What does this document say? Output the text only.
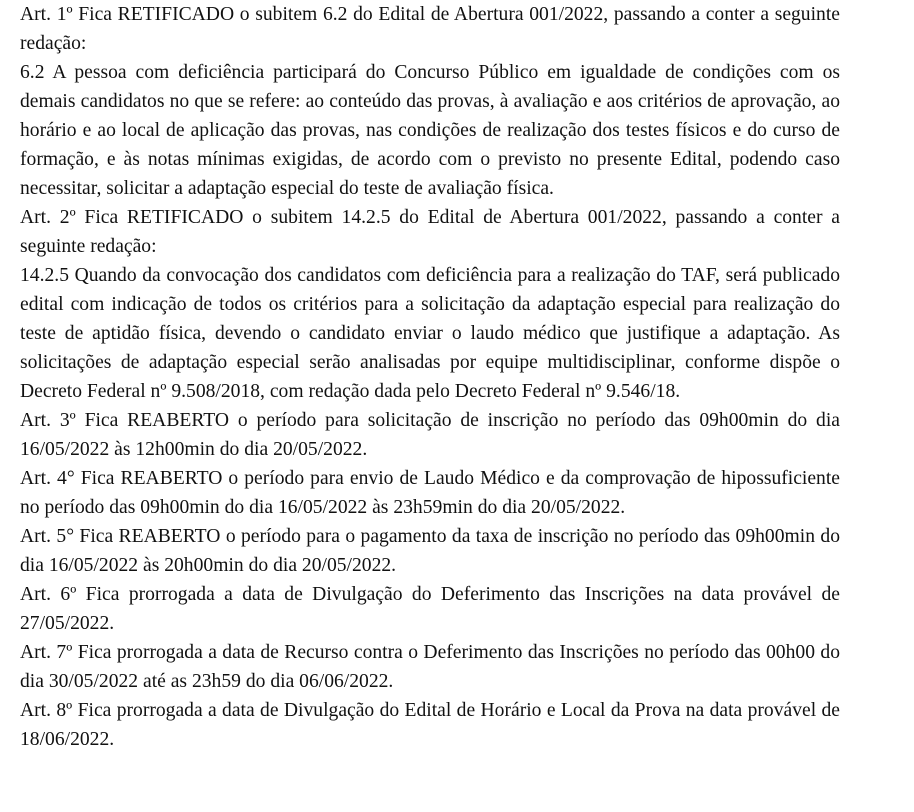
Art. 1º Fica RETIFICADO o subitem 6.2 do Edital de Abertura 001/2022, passando a conter a seguinte redação:

6.2 A pessoa com deficiência participará do Concurso Público em igualdade de condições com os demais candidatos no que se refere: ao conteúdo das provas, à avaliação e aos critérios de aprovação, ao horário e ao local de aplicação das provas, nas condições de realização dos testes físicos e do curso de formação, e às notas mínimas exigidas, de acordo com o previsto no presente Edital, podendo caso necessitar, solicitar a adaptação especial do teste de avaliação física.

Art. 2º Fica RETIFICADO o subitem 14.2.5 do Edital de Abertura 001/2022, passando a conter a seguinte redação:

14.2.5 Quando da convocação dos candidatos com deficiência para a realização do TAF, será publicado edital com indicação de todos os critérios para a solicitação da adaptação especial para realização do teste de aptidão física, devendo o candidato enviar o laudo médico que justifique a adaptação. As solicitações de adaptação especial serão analisadas por equipe multidisciplinar, conforme dispõe o Decreto Federal nº 9.508/2018, com redação dada pelo Decreto Federal nº 9.546/18.

Art. 3º Fica REABERTO o período para solicitação de inscrição no período das 09h00min do dia 16/05/2022 às 12h00min do dia 20/05/2022.

Art. 4° Fica REABERTO o período para envio de Laudo Médico e da comprovação de hipossuficiente no período das 09h00min do dia 16/05/2022 às 23h59min do dia 20/05/2022.

Art. 5° Fica REABERTO o período para o pagamento da taxa de inscrição no período das 09h00min do dia 16/05/2022 às 20h00min do dia 20/05/2022.

Art. 6º Fica prorrogada a data de Divulgação do Deferimento das Inscrições na data provável de 27/05/2022.

Art. 7º Fica prorrogada a data de Recurso contra o Deferimento das Inscrições no período das 00h00 do dia 30/05/2022 até as 23h59 do dia 06/06/2022.

Art. 8º Fica prorrogada a data de Divulgação do Edital de Horário e Local da Prova na data provável de 18/06/2022.
